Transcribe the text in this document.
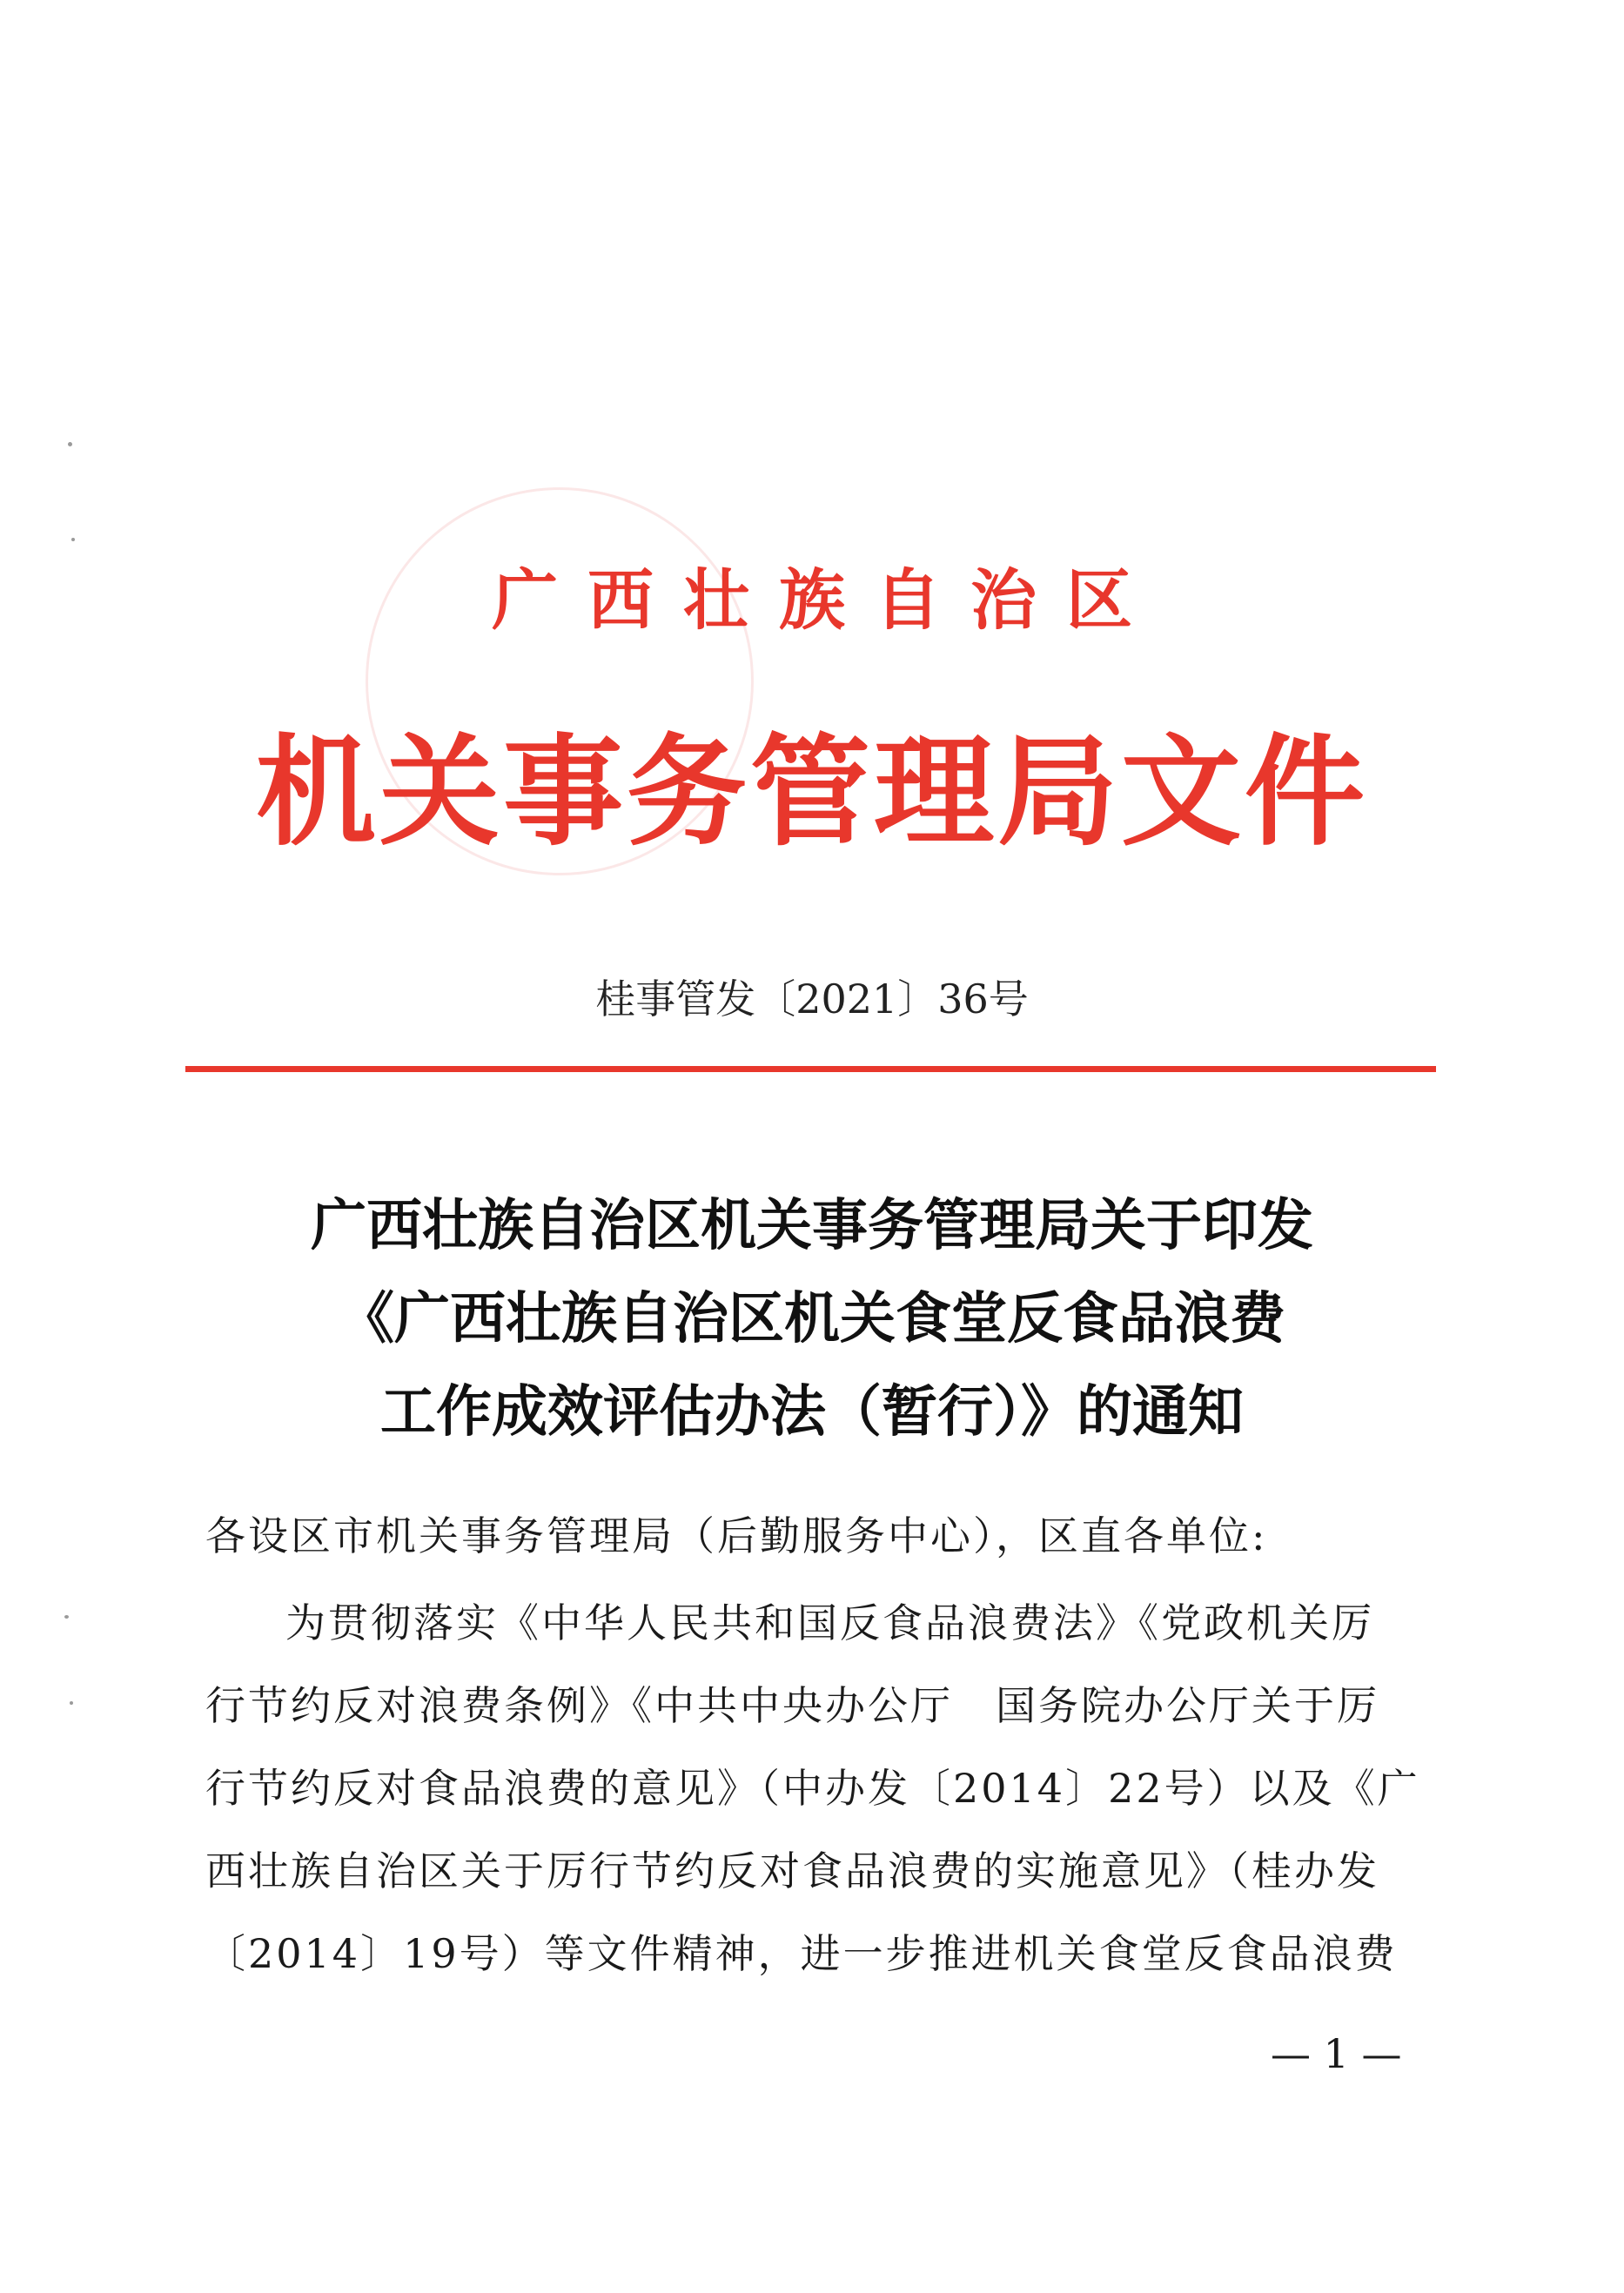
广西壮族自治区
机关事务管理局文件
桂事管发〔2021〕36号
广西壮族自治区机关事务管理局关于印发
《广西壮族自治区机关食堂反食品浪费
工作成效评估办法（暂行）》的通知
各设区市机关事务管理局（后勤服务中心），区直各单位:
为贯彻落实《中华人民共和国反食品浪费法》《党政机关厉
行节约反对浪费条例》《中共中央办公厅　国务院办公厅关于厉
行节约反对食品浪费的意见》（中办发〔2014〕22号）以及《广
西壮族自治区关于厉行节约反对食品浪费的实施意见》（桂办发
〔2014〕19号）等文件精神，进一步推进机关食堂反食品浪费
— 1 —
